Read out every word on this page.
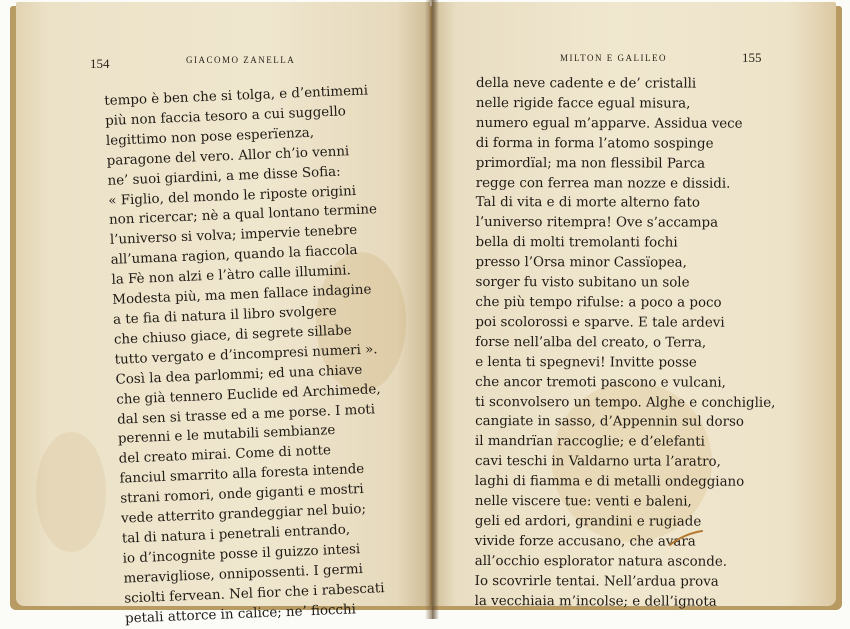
154	GIACOMO ZANELLA
tempo è ben che si tolga, e d’entimemi
più non faccia tesoro a cui suggello
legittimo non pose esperïenza,
paragone del vero. Allor ch’io venni
ne’ suoi giardini, a me disse Sofia:
« Figlio, del mondo le riposte origini
non ricercar; nè a qual lontano termine
l’universo si volva; impervie tenebre
all’umana ragion, quando la fiaccola
la Fè non alzi e l’àtro calle illumini.
Modesta più, ma men fallace indagine
a te fia di natura il libro svolgere
che chiuso giace, di segrete sillabe
tutto vergato e d’incompresi numeri ».
Così la dea parlommi; ed una chiave
che già tennero Euclide ed Archimede,
dal sen si trasse ed a me porse. I moti
perenni e le mutabili sembianze
del creato mirai. Come di notte
fanciul smarrito alla foresta intende
strani romori, onde giganti e mostri
vede atterrito grandeggiar nel buio;
tal di natura i penetrali entrando,
io d’incognite posse il guizzo intesi
meravigliose, onnipossenti. I germi
sciolti fervean. Nel fior che i rabescati
petali attorce in calice; ne’ fiocchi
MILTON E GALILEO	155
della neve cadente e de’ cristalli
nelle rigide facce egual misura,
numero egual m’apparve. Assidua vece
di forma in forma l’atomo sospinge
primordïal; ma non flessibil Parca
regge con ferrea man nozze e dissidi.
Tal di vita e di morte alterno fato
l’universo ritempra! Ove s’accampa
bella di molti tremolanti fochi
presso l’Orsa minor Cassïopea,
sorger fu visto subitano un sole
che più tempo rifulse: a poco a poco
poi scolorossi e sparve. E tale ardevi
forse nell’alba del creato, o Terra,
e lenta ti spegnevi! Invitte posse
che ancor tremoti pascono e vulcani,
ti sconvolsero un tempo. Alghe e conchiglie,
cangiate in sasso, d’Appennin sul dorso
il mandrïan raccoglie; e d’elefanti
cavi teschi in Valdarno urta l’aratro,
laghi di fiamma e di metalli ondeggiano
nelle viscere tue: venti e baleni,
geli ed ardori, grandini e rugiade
vivide forze accusano, che avara
all’occhio esplorator natura asconde.
Io scovrirle tentai. Nell’ardua prova
la vecchiaia m’incolse; e dell’ignota
